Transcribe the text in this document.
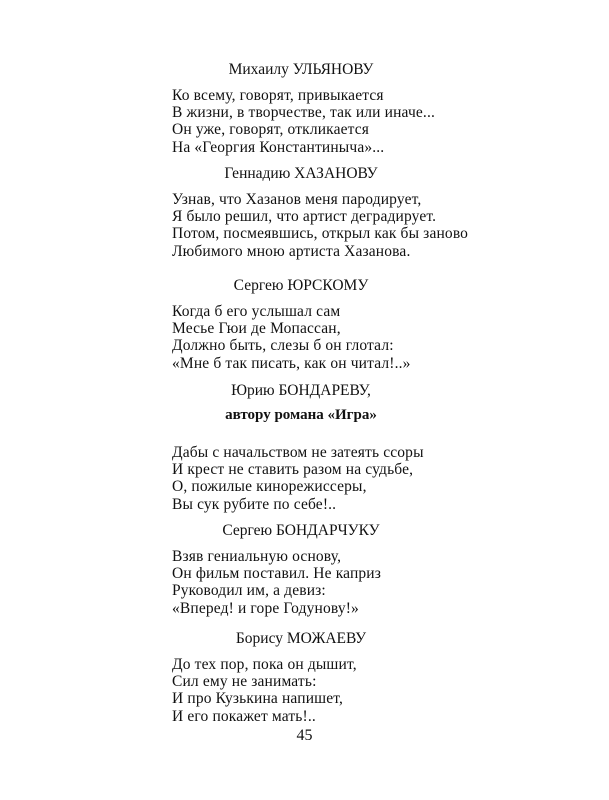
Михаилу УЛЬЯНОВУ
Ко всему, говорят, привыкается
В жизни, в творчестве, так или иначе...
Он уже, говорят, откликается
На «Георгия Константиныча»...
Геннадию ХАЗАНОВУ
Узнав, что Хазанов меня пародирует,
Я было решил, что артист деградирует.
Потом, посмеявшись, открыл как бы заново
Любимого мною артиста Хазанова.
Сергею ЮРСКОМУ
Когда б его услышал сам
Месье Гюи де Мопассан,
Должно быть, слезы б он глотал:
«Мне б так писать, как он читал!..»
Юрию БОНДАРЕВУ,
автору романа «Игра»
Дабы с начальством не затеять ссоры
И крест не ставить разом на судьбе,
О, пожилые кинорежиссеры,
Вы сук рубите по себе!..
Сергею БОНДАРЧУКУ
Взяв гениальную основу,
Он фильм поставил. Не каприз
Руководил им, а девиз:
«Вперед! и горе Годунову!»
Борису МОЖАЕВУ
До тех пор, пока он дышит,
Сил ему не занимать:
И про Кузькина напишет,
И его покажет мать!..
45
